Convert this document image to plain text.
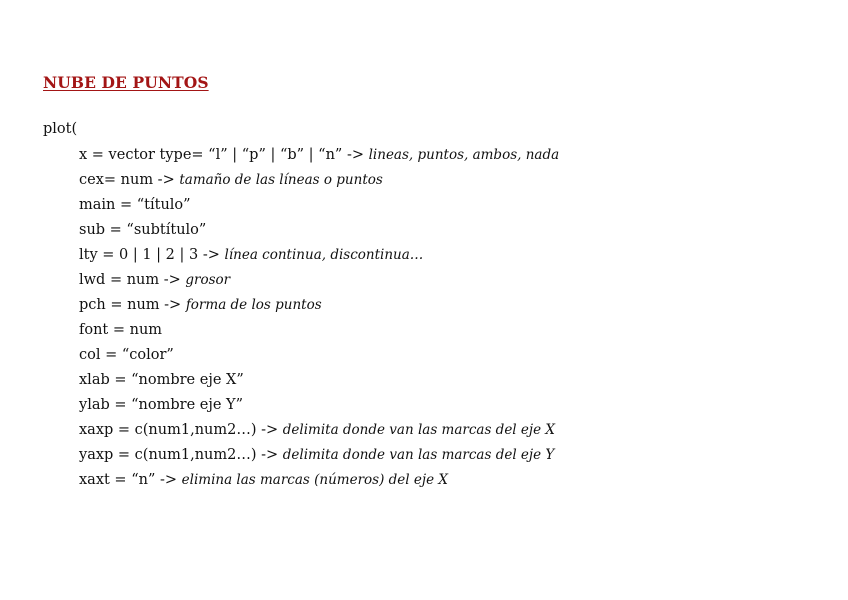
NUBE DE PUNTOS
plot(
x = vector type= “l” | “p” | “b” | “n” -> lineas, puntos, ambos, nada
cex= num -> tamaño de las líneas o puntos
main = “título”
sub = “subtítulo”
lty = 0 | 1 | 2 | 3 -> línea continua, discontinua…
lwd = num -> grosor
pch = num -> forma de los puntos
font = num
col = “color”
xlab = “nombre eje X”
ylab = “nombre eje Y”
xaxp = c(num1,num2…) -> delimita donde van las marcas del eje X
yaxp = c(num1,num2…) -> delimita donde van las marcas del eje Y
xaxt = “n” -> elimina las marcas (números) del eje X
